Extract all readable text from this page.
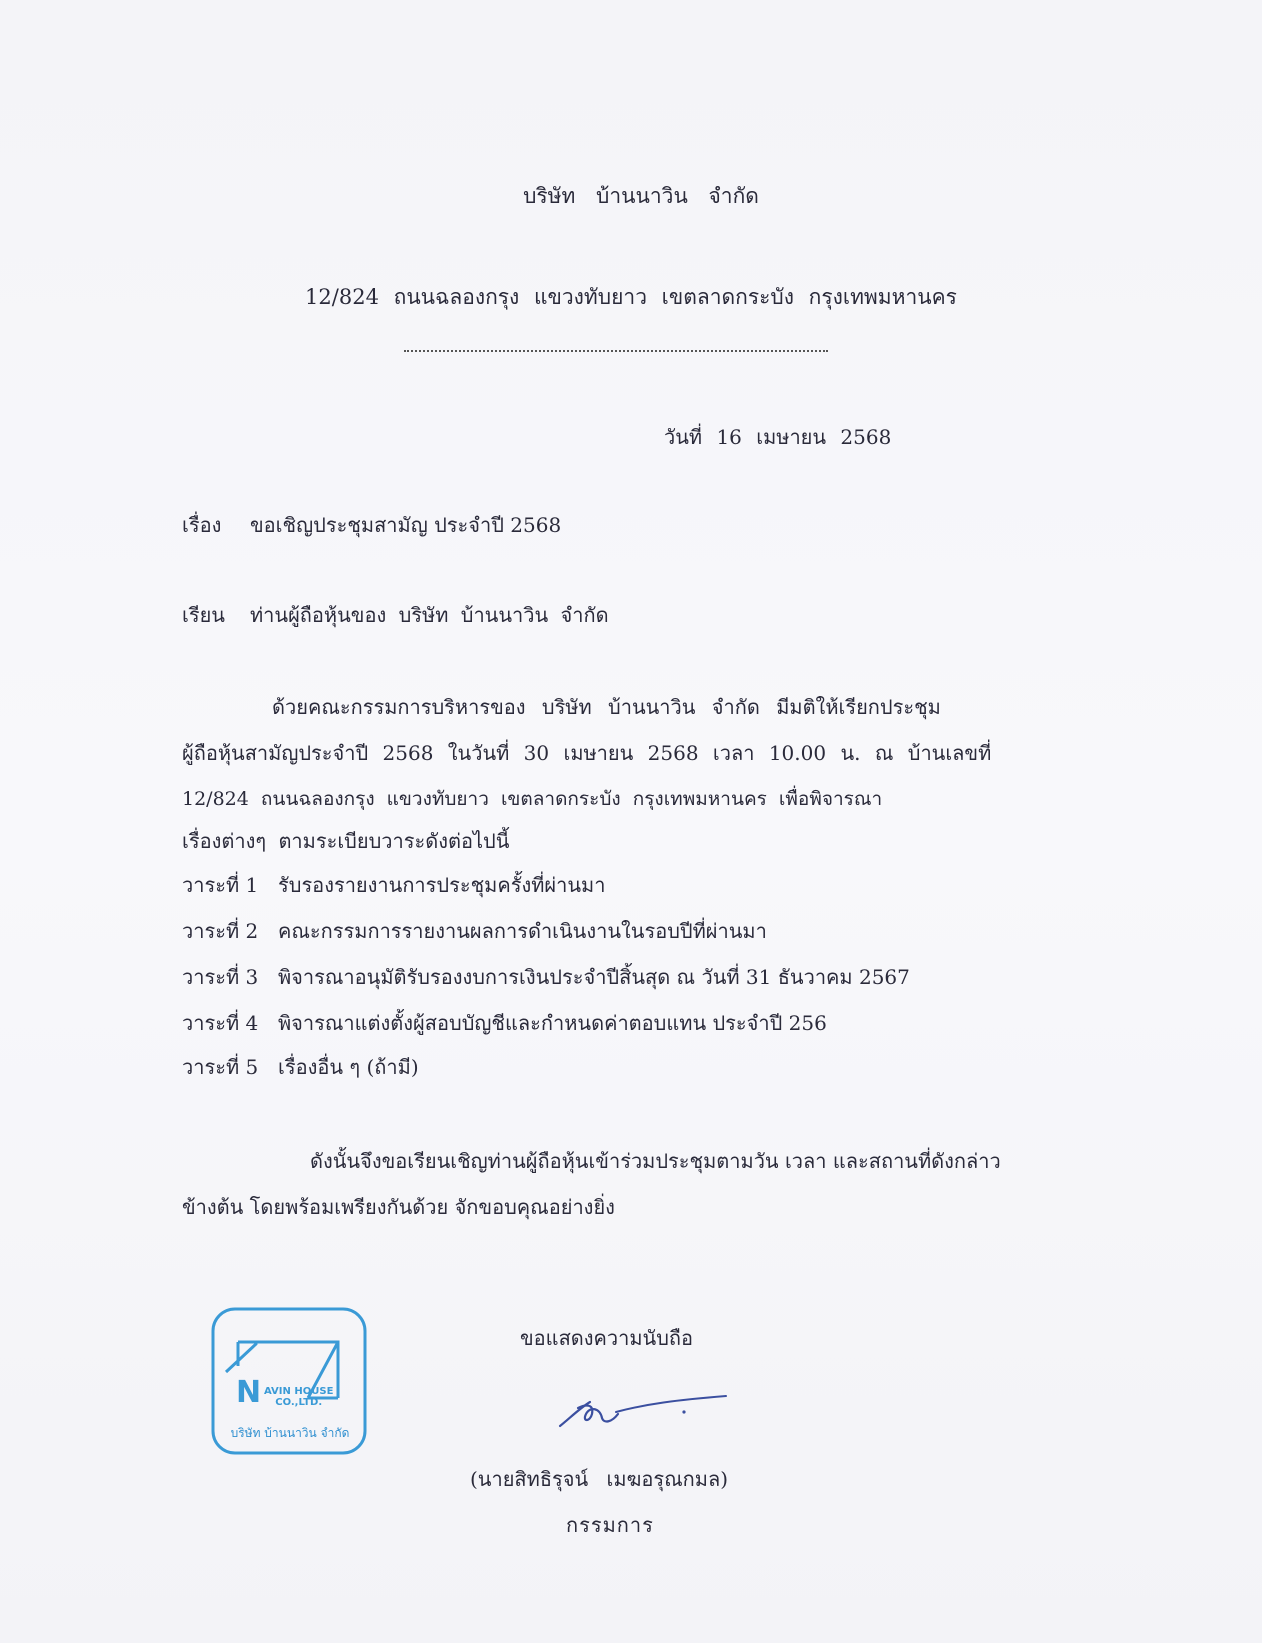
บริษัท บ้านนาวิน จำกัด
12/824 ถนนฉลองกรุง แขวงทับยาว เขตลาดกระบัง กรุงเทพมหานคร
วันที่ 16 เมษายน 2568
เรื่อง ขอเชิญประชุมสามัญ ประจำปี 2568
เรียน ท่านผู้ถือหุ้นของ บริษัท บ้านนาวิน จำกัด
ด้วยคณะกรรมการบริหารของ บริษัท บ้านนาวิน จำกัด มีมติให้เรียกประชุม
ผู้ถือหุ้นสามัญประจำปี 2568 ในวันที่ 30 เมษายน 2568 เวลา 10.00 น. ณ บ้านเลขที่
12/824 ถนนฉลองกรุง แขวงทับยาว เขตลาดกระบัง กรุงเทพมหานคร เพื่อพิจารณา
เรื่องต่างๆ ตามระเบียบวาระดังต่อไปนี้
วาระที่ 1 รับรองรายงานการประชุมครั้งที่ผ่านมา
วาระที่ 2 คณะกรรมการรายงานผลการดำเนินงานในรอบปีที่ผ่านมา
วาระที่ 3 พิจารณาอนุมัติรับรองงบการเงินประจำปีสิ้นสุด ณ วันที่ 31 ธันวาคม 2567
วาระที่ 4 พิจารณาแต่งตั้งผู้สอบบัญชีและกำหนดค่าตอบแทน ประจำปี 256
วาระที่ 5 เรื่องอื่น ๆ (ถ้ามี)
ดังนั้นจึงขอเรียนเชิญท่านผู้ถือหุ้นเข้าร่วมประชุมตามวัน เวลา และสถานที่ดังกล่าว
ข้างต้น โดยพร้อมเพรียงกันด้วย จักขอบคุณอย่างยิ่ง
N AVIN HOUSE
CO.,LTD.
บริษัท บ้านนาวิน จำกัด
ขอแสดงความนับถือ
(นายสิทธิรุจน์ เมฆอรุณกมล)
กรรมการ
